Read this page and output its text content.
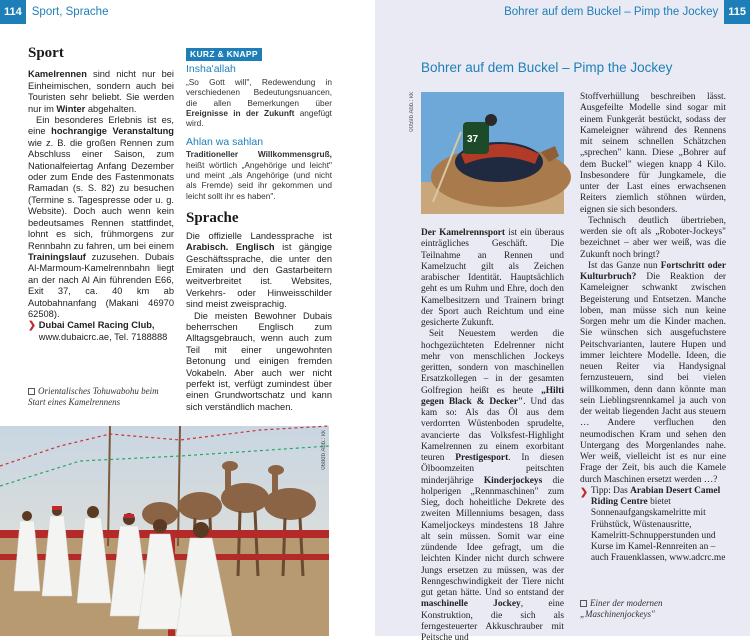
114 Sport, Sprache
Sport

Kamelrennen sind nicht nur bei Einheimischen, sondern auch bei Touristen sehr beliebt. Sie werden nur im Winter abgehalten.

Ein besonderes Erlebnis ist es, eine hochrangige Veranstaltung wie z. B. die großen Rennen zum Abschluss einer Saison, zum Nationalfeiertag Anfang Dezember oder zum Ende des Fastenmonats Ramadan (s. S. 82) zu besuchen (Termine s. Tagespresse oder u. g. Website). Doch auch wenn kein bedeutsames Rennen stattfindet, lohnt es sich, frühmorgens zur Rennbahn zu fahren, um bei einem Trainingslauf zuzusehen. Dubais Al-Marmoum-Kamelrennbahn liegt an der nach Al Ain führenden E66, Exit 37, ca. 40 km ab Autobahnanfang (Makani 46970 62508).

❯ Dubai Camel Racing Club,
www.dubaicrc.ae, Tel. 7188888
Orientalisches Tohuwabohu beim Start eines Kamelrennens
KURZ & KNAPP
Insha'allah

„So Gott will", Redewendung in verschiedenen Bedeutungsnuancen, die allen Bemerkungen über Ereignisse in der Zukunft angefügt wird.

Ahlan wa sahlan

Traditioneller Willkommensgruß, heißt wörtlich „Angehörige und leicht" und meint „als Angehörige (und nicht als Fremde) seid ihr gekommen und leicht sollt ihr es haben".

Sprache

Die offizielle Landessprache ist Arabisch. Englisch ist gängige Geschäftssprache, die unter den Emiraten und den Gastarbeitern weitverbreitet ist. Websites, Verkehrs- oder Hinweisschilder sind meist zweisprachig.

Die meisten Bewohner Dubais beherrschen Englisch zum Alltagsgebrauch, wenn auch zum Teil mit einer ungewohnten Betonung und einigen fremden Vokabeln. Aber auch wer nicht perfekt ist, verfügt zumindest über einen Grundwortschatz und kann sich verständlich machen.

068db Abb.: kk
Bohrer auf dem Buckel – Pimp the Jockey 115
Bohrer auf dem Buckel – Pimp the Jockey
0059b Abb.: kk
37

Der Kamelrennsport ist ein überaus einträgliches Geschäft. Die Teilnahme an Rennen und Kamelzucht gilt als Zeichen arabischer Identität. Hauptsächlich geht es um Ruhm und Ehre, doch den Kamelbesitzern und Trainern bringt der Sport auch Reichtum und eine gesicherte Zukunft.

Seit Neuestem werden die hochgezüchteten Edelrenner nicht mehr von menschlichen Jockeys geritten, sondern von maschinellen Ersatzkollegen – in der gesamten Golfregion heißt es heute „Hilti gegen Black & Decker". Und das kam so: Als das Öl aus dem verdorrten Wüstenboden sprudelte, avancierte das Volksfest-Highlight Kamelrennen zu einem exorbitant teuren Prestigesport. In diesen Ölboomzeiten peitschten minderjährige Kinderjockeys die holperigen „Rennmaschinen" zum Sieg, doch hoheitliche Dekrete des zweiten Millenniums besagen, dass Kameljockeys mindestens 18 Jahre alt sein müssen. Somit war eine zündende Idee gefragt, um die leichten Kinder nicht durch schwere Jungs ersetzen zu müssen, was der Renngeschwindigkeit der Tiere nicht gut getan hätte. Und so entstand der maschinelle Jockey, eine Konstruktion, die sich als ferngesteuerter Akkuschrauber mit Peitsche und

Stoffverhüllung beschreiben lässt. Ausgefeilte Modelle sind sogar mit einem Funkgerät bestückt, sodass der Kameleigner während des Rennens mit seinem schnellen Schätzchen „sprechen" kann. Diese „Bohrer auf dem Buckel" wiegen knapp 4 Kilo. Insbesondere für Jungkamele, die unter der Last eines erwachsenen Reiters ziemlich stöhnen würden, eignen sie sich besonders.

Technisch deutlich übertrieben, werden sie oft als „Roboter-Jockeys" bezeichnet – aber wer weiß, was die Zukunft noch bringt?

Ist das Ganze nun Fortschritt oder Kulturbruch? Die Reaktion der Kameleigner schwankt zwischen Begeisterung und Entsetzen. Manche loben, man müsse sich nun keine Sorgen mehr um die Kinder machen. Sie wünschen sich ausgefuchstere Peitschvarianten, lautere Hupen und immer leichtere Modelle. Ideen, die neuen Reiter via Handysignal fernzusteuern, sind bei vielen willkommen, denn dann könnte man sein Lieblingsrennkamel ja auch von der weitab liegenden Jacht aus steuern … Andere verfluchen den neumodischen Kram und sehen den Untergang des Morgenlandes nahe. Wer weiß, vielleicht ist es nur eine Frage der Zeit, bis auch die Kamele durch Maschinen ersetzt werden …?

❯ Tipp: Das Arabian Desert Camel Riding Centre bietet Sonnenaufgangskamelritte mit Frühstück, Wüstenausritte, Kamelritt-Schnupperstunden und Kurse im Kamel-Rennreiten an – auch Frauenklassen, www.adcrc.me
Einer der modernen „Maschinenjockeys"
